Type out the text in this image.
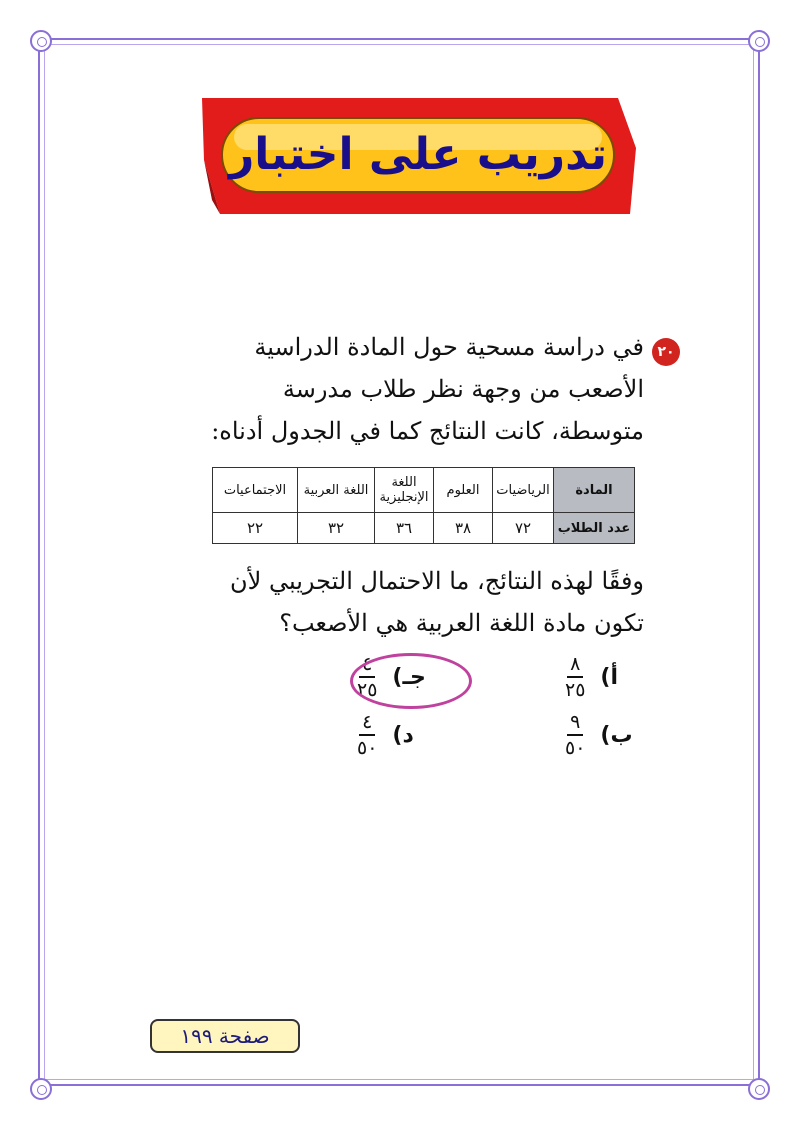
تدريب على اختبار
٢٠
في دراسة مسحية حول المادة الدراسية الأصعب من وجهة نظر طلاب مدرسة متوسطة، كانت النتائج كما في الجدول أدناه:
المادة	الرياضيات	العلوم	اللغة الإنجليزية	اللغة العربية	الاجتماعيات
عدد الطلاب	٧٢	٣٨	٣٦	٣٢	٢٢
وفقًا لهذه النتائج، ما الاحتمال التجريبي لأن تكون مادة اللغة العربية هي الأصعب؟
أ)
$\frac{٨}{٢٥}$
ب)
$\frac{٩}{٥٠}$
جـ)
$\frac{٤}{٢٥}$
د)
$\frac{٤}{٥٠}$
صفحة ١٩٩
